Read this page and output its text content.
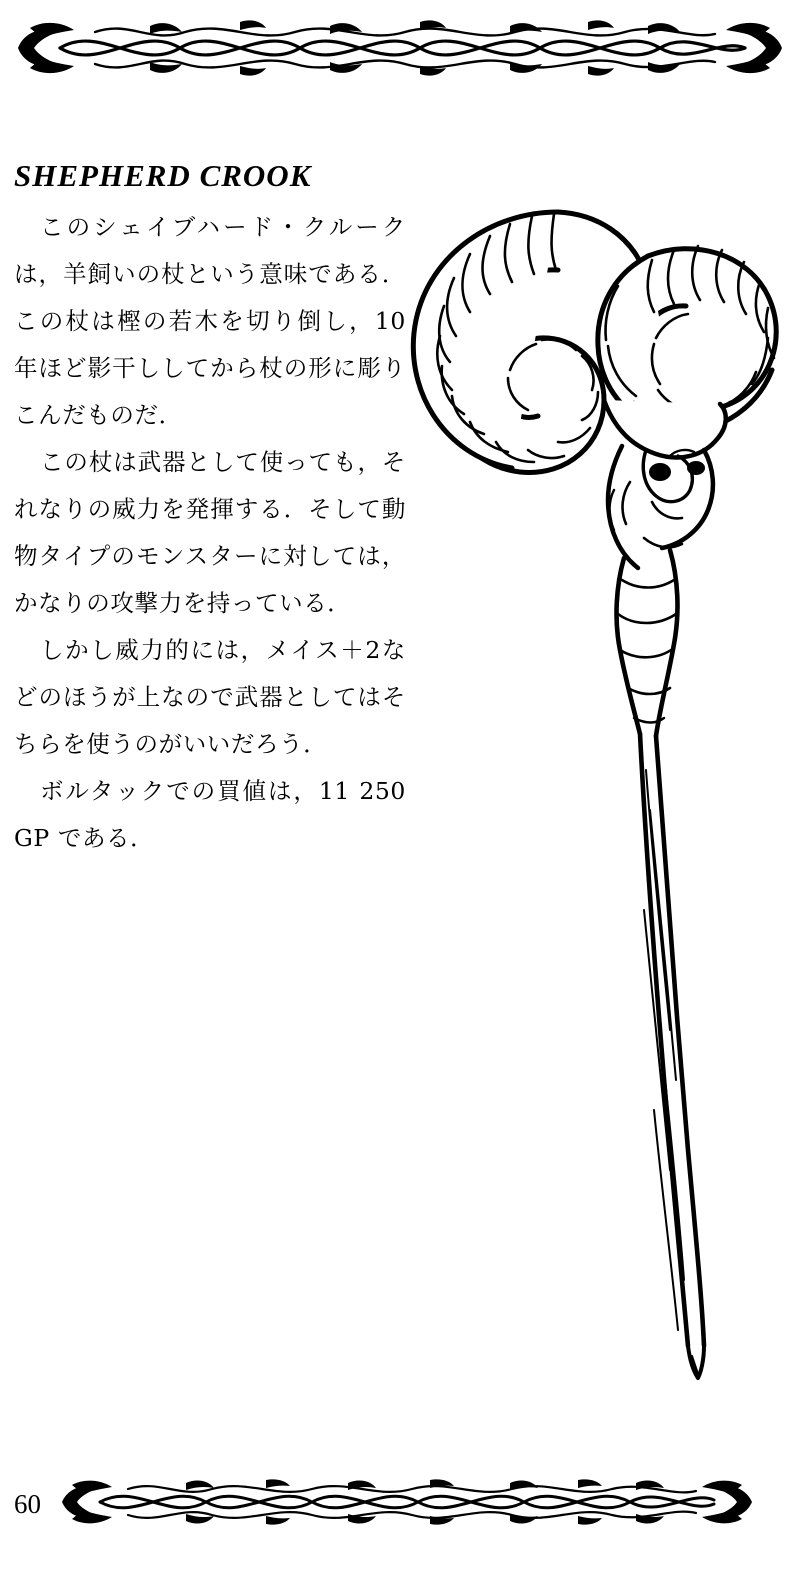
SHEPHERD CROOK

このシェイブハード・クルークは，羊飼いの杖という意味である．この杖は樫の若木を切り倒し，10年ほど影干ししてから杖の形に彫りこんだものだ．

この杖は武器として使っても，それなりの威力を発揮する．そして動物タイプのモンスターに対しては，かなりの攻撃力を持っている．

しかし威力的には，メイス＋2などのほうが上なので武器としてはそちらを使うのがいいだろう．

ボルタックでの買値は，11 250 GP である．

60
